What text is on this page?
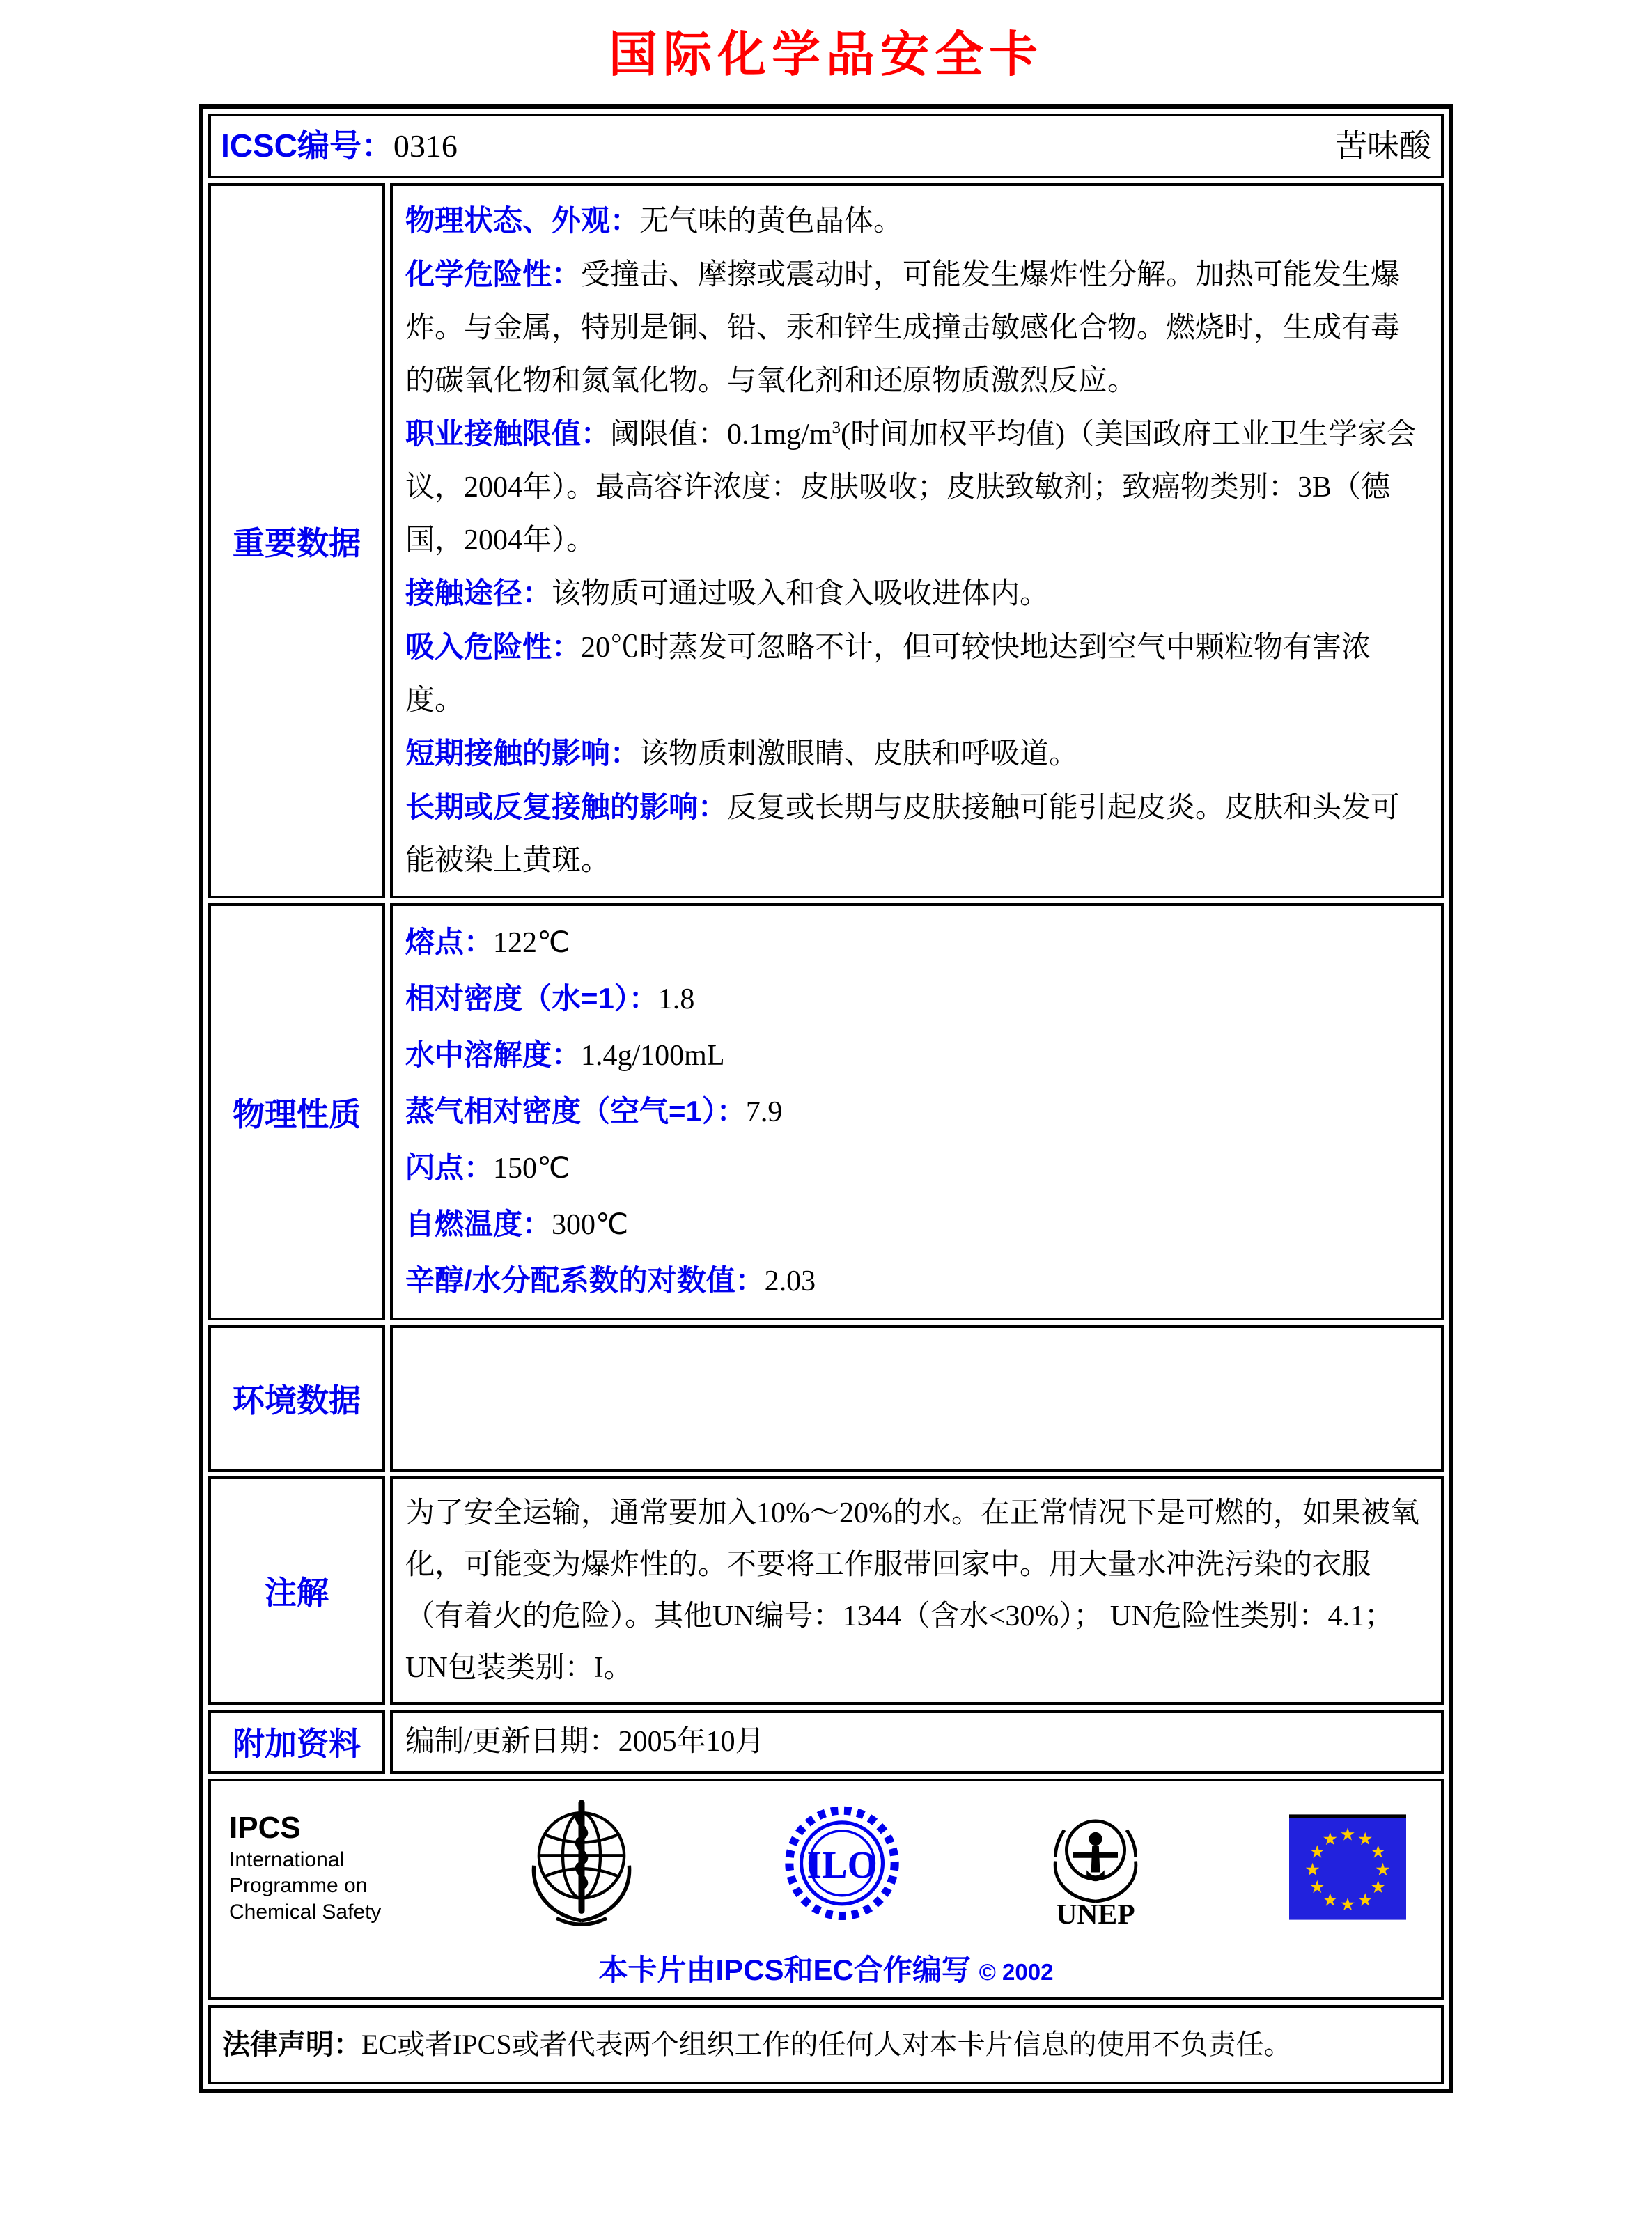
国际化学品安全卡
ICSC编号：0316 苦味酸	

重要数据	
物理状态、外观：无气味的黄色晶体。
化学危险性：受撞击、摩擦或震动时，可能发生爆炸性分解。加热可能发生爆炸。与金属，特别是铜、铅、汞和锌生成撞击敏感化合物。燃烧时，生成有毒的碳氧化物和氮氧化物。与氧化剂和还原物质激烈反应。
职业接触限值：阈限值：$0.1mg/m^3$(时间加权平均值)（美国政府工业卫生学家会议，2004年）。最高容许浓度：皮肤吸收；皮肤致敏剂；致癌物类别：3B（德国，2004年）。
接触途径：该物质可通过吸入和食入吸收进体内。
吸入危险性：20℃时蒸发可忽略不计，但可较快地达到空气中颗粒物有害浓度。
短期接触的影响：该物质刺激眼睛、皮肤和呼吸道。
长期或反复接触的影响：反复或长期与皮肤接触可能引起皮炎。皮肤和头发可能被染上黄斑。

物理性质	
熔点：122℃
相对密度（水=1）：1.8
水中溶解度：1.4g/100mL
蒸气相对密度（空气=1）：7.9
闪点：150℃
自燃温度：300℃
辛醇/水分配系数的对数值：2.03

环境数据	
注解	为了安全运输，通常要加入10%～20%的水。在正常情况下是可燃的，如果被氧化，可能变为爆炸性的。不要将工作服带回家中。用大量水冲洗污染的衣服（有着火的危险）。其他UN编号：1344（含水<30%）； UN危险性类别：4.1； UN包装类别：I。
附加资料	编制/更新日期：2005年10月

IPCS
International
Programme on
Chemical Safety
ILO
UNEP
★ ★
★
★
★
★
★
★
★
★
★
★
本卡片由IPCS和EC合作编写 © 2002

法律声明：EC或者IPCS或者代表两个组织工作的任何人对本卡片信息的使用不负责任。	
